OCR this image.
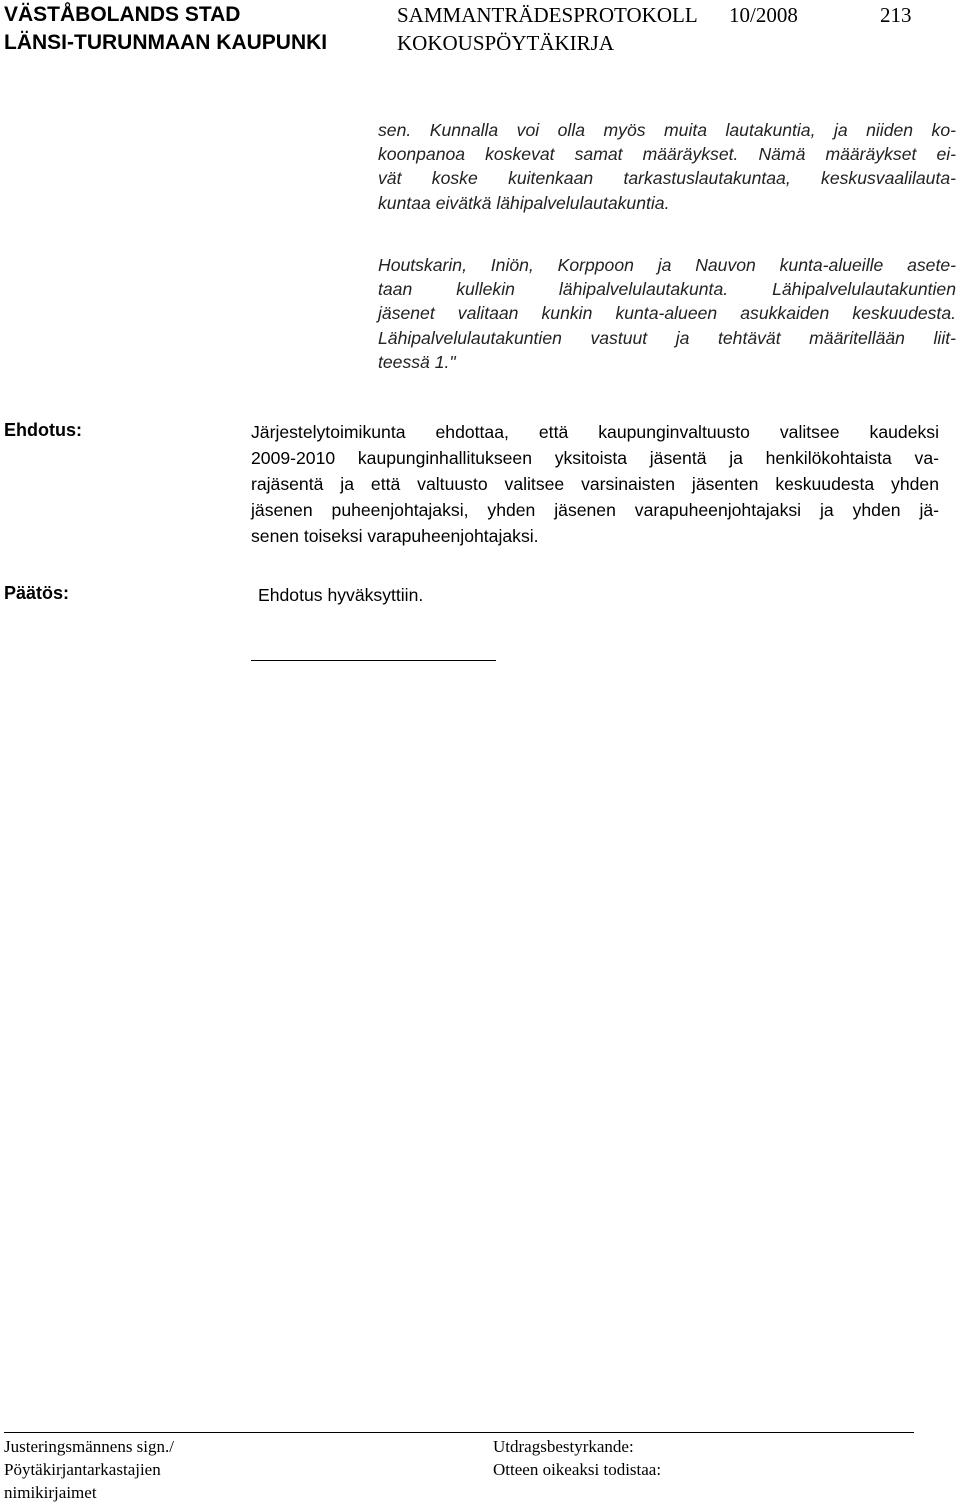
VÄSTÅBOLANDS STAD
LÄNSI-TURUNMAAN KAUPUNKI
SAMMANTRÄDESPROTOKOLL
KOKOUSPÖYTÄKIRJA
10/2008	213
sen. Kunnalla voi olla myös muita lautakuntia, ja niiden ko-
koonpanoa koskevat samat määräykset. Nämä määräykset ei-
vät koske kuitenkaan tarkastuslautakuntaa, keskusvaalilauta-
kuntaa eivätkä lähipalvelulautakuntia.
Houtskarin, Iniön, Korppoon ja Nauvon kunta-alueille asete-
taan kullekin lähipalvelulautakunta. Lähipalvelulautakuntien
jäsenet valitaan kunkin kunta-alueen asukkaiden keskuudesta.
Lähipalvelulautakuntien vastuut ja tehtävät määritellään liit-
teessä 1."
Ehdotus:	Järjestelytoimikunta ehdottaa, että kaupunginvaltuusto valitsee kaudeksi
2009-2010 kaupunginhallitukseen yksitoista jäsentä ja henkilökohtaista va-
rajäsentä ja että valtuusto valitsee varsinaisten jäsenten keskuudesta yhden
jäsenen puheenjohtajaksi, yhden jäsenen varapuheenjohtajaksi ja yhden jä-
senen toiseksi varapuheenjohtajaksi.
Päätös:	Ehdotus hyväksyttiin.
Justeringsmännens sign./
Pöytäkirjantarkastajien
nimikirjaimet
Utdragsbestyrkande:
Otteen oikeaksi todistaa:
